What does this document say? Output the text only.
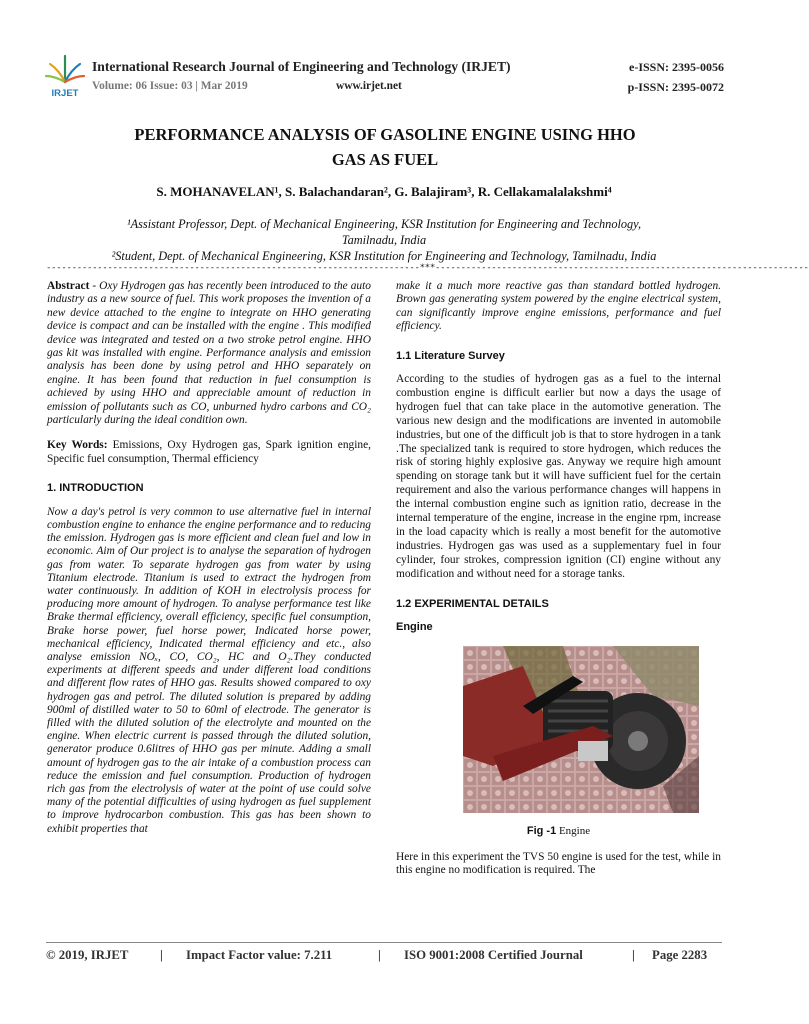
IRJET
International Research Journal of Engineering and Technology (IRJET)
Volume: 06 Issue: 03 | Mar 2019	www.irjet.net
e-ISSN: 2395-0056
p-ISSN: 2395-0072
PERFORMANCE ANALYSIS OF GASOLINE ENGINE USING HHO
GAS AS FUEL
S. MOHANAVELAN¹, S. Balachandaran², G. Balajiram³, R. Cellakamalalakshmi⁴
¹Assistant Professor, Dept. of Mechanical Engineering, KSR Institution for Engineering and Technology,
Tamilnadu, India
²Student, Dept. of Mechanical Engineering, KSR Institution for Engineering and Technology, Tamilnadu, India
-------------------------------------------------------------------------***-------------------------------------------------------------------------

Abstract - Oxy Hydrogen gas has recently been introduced to the auto industry as a new source of fuel. This work proposes the invention of a new device attached to the engine to integrate on HHO generating device is compact and can be installed with the engine . This modified device was integrated and tested on a two stroke petrol engine. HHO gas kit was installed with engine. Performance analysis and emission analysis has been done by using petrol and HHO separately on engine. It has been found that reduction in fuel consumption is achieved by using HHO and appreciable amount of reduction in emission of pollutants such as CO, unburned hydro carbons and CO₂ particularly during the ideal condition own.

Key Words: Emissions, Oxy Hydrogen gas, Spark ignition engine, Specific fuel consumption, Thermal efficiency

1. INTRODUCTION

Now a day's petrol is very common to use alternative fuel in internal combustion engine to enhance the engine performance and to reducing the emission. Hydrogen gas is more efficient and clean fuel and low in economic. Aim of Our project is to analyse the separation of hydrogen gas from water. To separate hydrogen gas from water by using Titanium electrode. Titanium is used to extract the hydrogen from water continuously. In addition of KOH in electrolysis process for producing more amount of hydrogen. To analyse performance test like Brake thermal efficiency, overall efficiency, specific fuel consumption, Brake horse power, fuel horse power, Indicated horse power, mechanical efficiency, Indicated thermal efficiency and etc., also analyse emission NOₓ, CO, CO₂, HC and O₂.They conducted experiments at different speeds and under different load conditions and different flow rates of HHO gas. Results showed compared to oxy hydrogen gas and petrol. The diluted solution is prepared by adding 900ml of distilled water to 50 to 60ml of electrode. The generator is filled with the diluted solution of the electrolyte and mounted on the engine. When electric current is passed through the diluted solution, generator produce 0.6litres of HHO gas per minute. Adding a small amount of hydrogen gas to the air intake of a combustion process can reduce the emission and fuel consumption. Production of hydrogen rich gas from the electrolysis of water at the point of use could solve many of the potential difficulties of using hydrogen as fuel supplement to improve hydrocarbon combustion. This gas has been shown to exhibit properties that

make it a much more reactive gas than standard bottled hydrogen. Brown gas generating system powered by the engine electrical system, can significantly improve engine emissions, performance and fuel efficiency.

1.1 Literature Survey

According to the studies of hydrogen gas as a fuel to the internal combustion engine is difficult earlier but now a days the usage of hydrogen fuel that can take place in the automotive generation. The various new design and the modifications are invented in automobile industries, but one of the difficult job is that to store hydrogen in a tank .The specialized tank is required to store hydrogen, which reduces the risk of storing highly explosive gas. Anyway we require high amount spending on storage tank but it will have sufficient fuel for the certain requirement and also the various performance changes will happens in the internal combustion engine such as ignition ratio, decrease in the internal temperature of the engine, increase in the engine rpm, increase in the load capacity which is really a most benefit for the automotive industries. Hydrogen gas was used as a supplementary fuel in four cylinder, four strokes, compression ignition (CI) engine without any modification and without need for a storage tanks.

1.2 EXPERIMENTAL DETAILS

Engine

Fig -1 Engine

Here in this experiment the TVS 50 engine is used for the test, while in this engine no modification is required. The

© 2019, IRJET | Impact Factor value: 7.211	| ISO 9001:2008 Certified Journal	| Page 2283
